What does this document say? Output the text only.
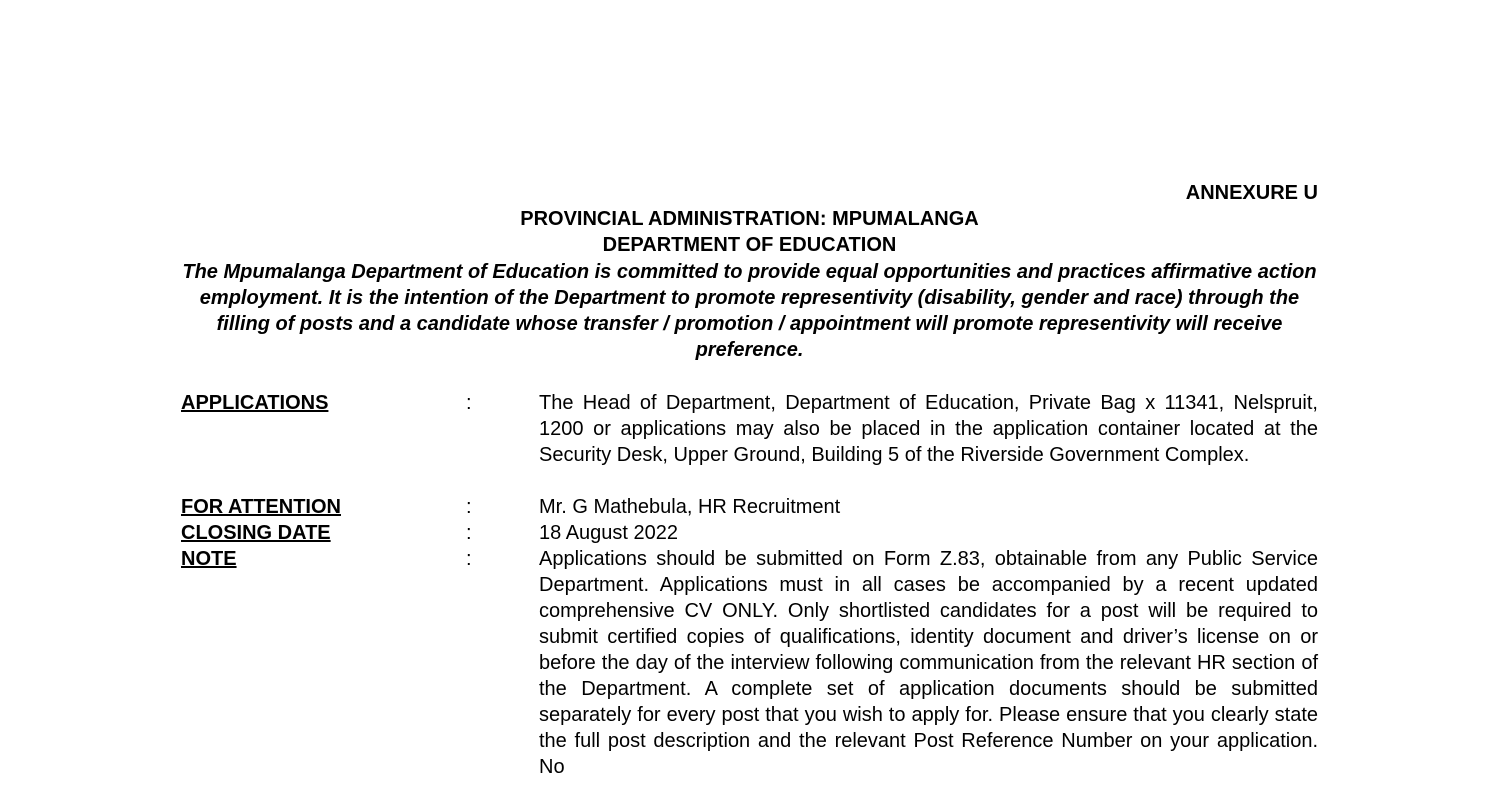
ANNEXURE U
PROVINCIAL ADMINISTRATION: MPUMALANGA
DEPARTMENT OF EDUCATION
The Mpumalanga Department of Education is committed to provide equal opportunities and practices affirmative action employment. It is the intention of the Department to promote representivity (disability, gender and race) through the filling of posts and a candidate whose transfer / promotion / appointment will promote representivity will receive preference.
APPLICATIONS	:	The Head of Department, Department of Education, Private Bag x 11341, Nelspruit, 1200 or applications may also be placed in the application container located at the Security Desk, Upper Ground, Building 5 of the Riverside Government Complex.
FOR ATTENTION	:	Mr. G Mathebula, HR Recruitment
CLOSING DATE	:	18 August 2022
NOTE	:	Applications should be submitted on Form Z.83, obtainable from any Public Service Department. Applications must in all cases be accompanied by a recent updated comprehensive CV ONLY. Only shortlisted candidates for a post will be required to submit certified copies of qualifications, identity document and driver’s license on or before the day of the interview following communication from the relevant HR section of the Department. A complete set of application documents should be submitted separately for every post that you wish to apply for. Please ensure that you clearly state the full post description and the relevant Post Reference Number on your application. No
